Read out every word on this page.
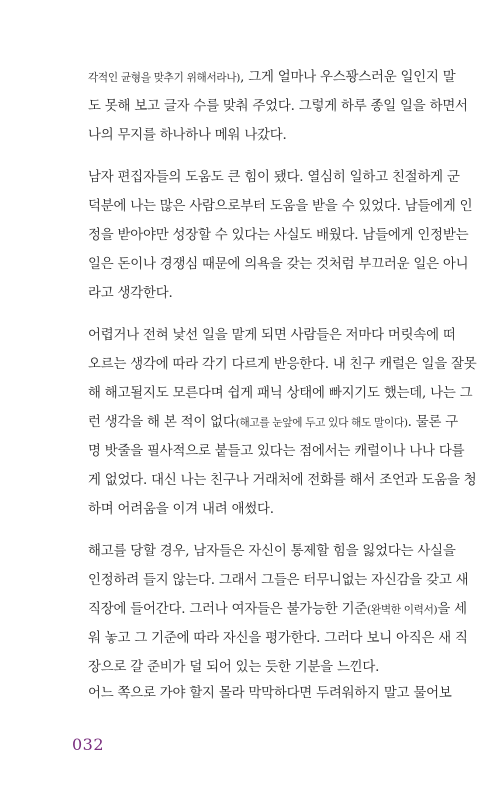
각적인 균형을 맞추기 위해서라나), 그게 얼마나 우스꽝스러운 일인지 말
도 못해 보고 글자 수를 맞춰 주었다. 그렇게 하루 종일 일을 하면서
나의 무지를 하나하나 메워 나갔다.
남자 편집자들의 도움도 큰 힘이 됐다. 열심히 일하고 친절하게 군
덕분에 나는 많은 사람으로부터 도움을 받을 수 있었다. 남들에게 인
정을 받아야만 성장할 수 있다는 사실도 배웠다. 남들에게 인정받는
일은 돈이나 경쟁심 때문에 의욕을 갖는 것처럼 부끄러운 일은 아니
라고 생각한다.
어렵거나 전혀 낯선 일을 맡게 되면 사람들은 저마다 머릿속에 떠
오르는 생각에 따라 각기 다르게 반응한다. 내 친구 캐럴은 일을 잘못
해 해고될지도 모른다며 쉽게 패닉 상태에 빠지기도 했는데, 나는 그
런 생각을 해 본 적이 없다(해고를 눈앞에 두고 있다 해도 말이다). 물론 구
명 밧줄을 필사적으로 붙들고 있다는 점에서는 캐럴이나 나나 다를
게 없었다. 대신 나는 친구나 거래처에 전화를 해서 조언과 도움을 청
하며 어려움을 이겨 내려 애썼다.
해고를 당할 경우, 남자들은 자신이 통제할 힘을 잃었다는 사실을
인정하려 들지 않는다. 그래서 그들은 터무니없는 자신감을 갖고 새
직장에 들어간다. 그러나 여자들은 불가능한 기준(완벽한 이력서)을 세
워 놓고 그 기준에 따라 자신을 평가한다. 그러다 보니 아직은 새 직
장으로 갈 준비가 덜 되어 있는 듯한 기분을 느낀다.
어느 쪽으로 가야 할지 몰라 막막하다면 두려워하지 말고 물어보
032
